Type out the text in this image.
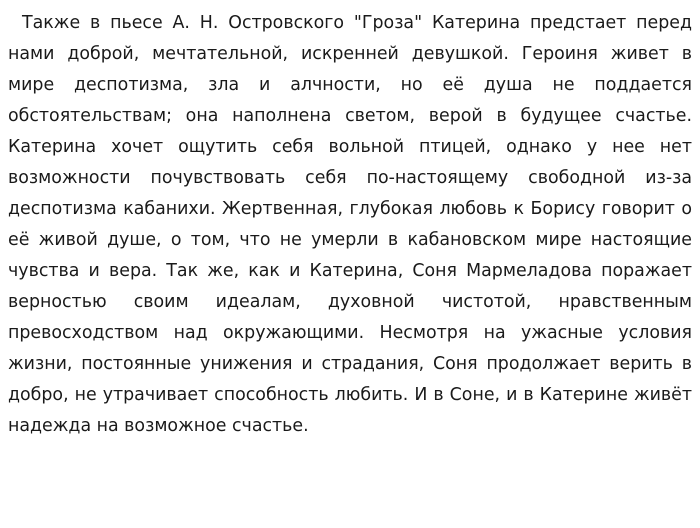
Также в пьесе А. Н. Островского "Гроза" Катерина предстает перед нами доброй, мечтательной, искренней девушкой. Героиня живет в мире деспотизма, зла и алчности, но её душа не поддается обстоятельствам; она наполнена светом, верой в будущее счастье. Катерина хочет ощутить себя вольной птицей, однако у нее нет возможности почувствовать себя по-настоящему свободной из-за деспотизма кабанихи. Жертвенная, глубокая любовь к Борису говорит о её живой душе, о том, что не умерли в кабановском мире настоящие чувства и вера. Так же, как и Катерина, Соня Мармеладова поражает верностью своим идеалам, духовной чистотой, нравственным превосходством над окружающими. Несмотря на ужасные условия жизни, постоянные унижения и страдания, Соня продолжает верить в добро, не утрачивает способность любить. И в Соне, и в Катерине живёт надежда на возможное счастье.
